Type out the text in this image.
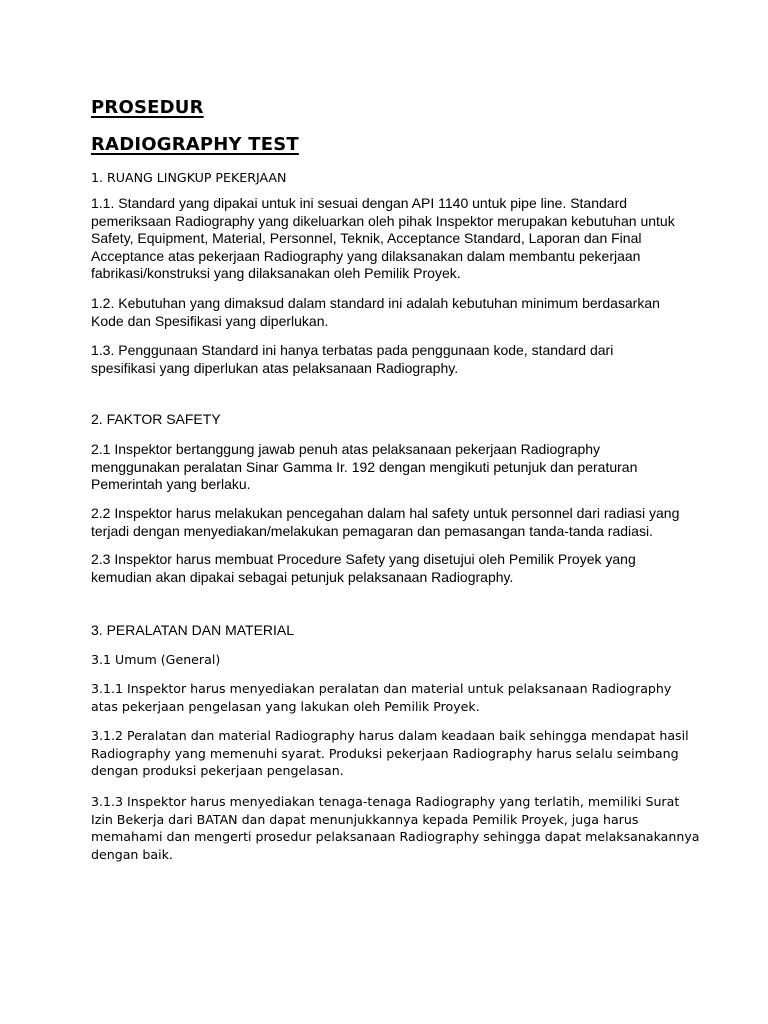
PROSEDUR
RADIOGRAPHY TEST
1. RUANG LINGKUP PEKERJAAN
1.1. Standard yang dipakai untuk ini sesuai dengan API 1140 untuk pipe line. Standard
pemeriksaan Radiography yang dikeluarkan oleh pihak Inspektor merupakan kebutuhan untuk
Safety, Equipment, Material, Personnel, Teknik, Acceptance Standard, Laporan dan Final
Acceptance atas pekerjaan Radiography yang dilaksanakan dalam membantu pekerjaan
fabrikasi/konstruksi yang dilaksanakan oleh Pemilik Proyek.
1.2. Kebutuhan yang dimaksud dalam standard ini adalah kebutuhan minimum berdasarkan
Kode dan Spesifikasi yang diperlukan.
1.3. Penggunaan Standard ini hanya terbatas pada penggunaan kode, standard dari
spesifikasi yang diperlukan atas pelaksanaan Radiography.
2. FAKTOR SAFETY
2.1 Inspektor bertanggung jawab penuh atas pelaksanaan pekerjaan Radiography
menggunakan peralatan Sinar Gamma Ir. 192 dengan mengikuti petunjuk dan peraturan
Pemerintah yang berlaku.
2.2 Inspektor harus melakukan pencegahan dalam hal safety untuk personnel dari radiasi yang
terjadi dengan menyediakan/melakukan pemagaran dan pemasangan tanda-tanda radiasi.
2.3 Inspektor harus membuat Procedure Safety yang disetujui oleh Pemilik Proyek yang
kemudian akan dipakai sebagai petunjuk pelaksanaan Radiography.
3. PERALATAN DAN MATERIAL
3.1 Umum (General)
3.1.1 Inspektor harus menyediakan peralatan dan material untuk pelaksanaan Radiography
atas pekerjaan pengelasan yang lakukan oleh Pemilik Proyek.
3.1.2 Peralatan dan material Radiography harus dalam keadaan baik sehingga mendapat hasil
Radiography yang memenuhi syarat. Produksi pekerjaan Radiography harus selalu seimbang
dengan produksi pekerjaan pengelasan.
3.1.3 Inspektor harus menyediakan tenaga-tenaga Radiography yang terlatih, memiliki Surat
Izin Bekerja dari BATAN dan dapat menunjukkannya kepada Pemilik Proyek, juga harus
memahami dan mengerti prosedur pelaksanaan Radiography sehingga dapat melaksanakannya
dengan baik.
